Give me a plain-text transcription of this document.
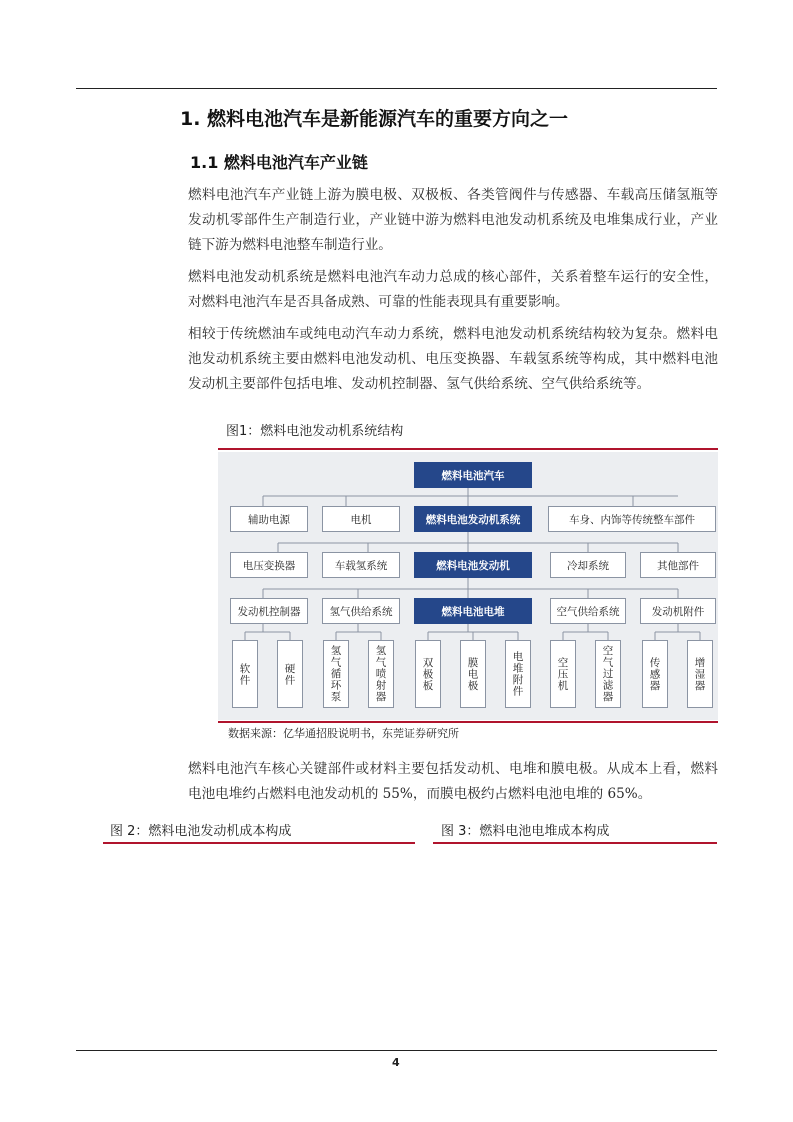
1. 燃料电池汽车是新能源汽车的重要方向之一
1.1 燃料电池汽车产业链

燃料电池汽车产业链上游为膜电极、双极板、各类管阀件与传感器、车载高压储氢瓶等发动机零部件生产制造行业，产业链中游为燃料电池发动机系统及电堆集成行业，产业链下游为燃料电池整车制造行业。

燃料电池发动机系统是燃料电池汽车动力总成的核心部件，关系着整车运行的安全性，对燃料电池汽车是否具备成熟、可靠的性能表现具有重要影响。

相较于传统燃油车或纯电动汽车动力系统，燃料电池发动机系统结构较为复杂。燃料电池发动机系统主要由燃料电池发动机、电压变换器、车载氢系统等构成，其中燃料电池发动机主要部件包括电堆、发动机控制器、氢气供给系统、空气供给系统等。

图1：燃料电池发动机系统结构
燃料电池汽车
辅助电源	电机	燃料电池发动机系统	车身、内饰等传统整车部件
电压变换器	车载氢系统	燃料电池发动机	冷却系统	其他部件
发动机控制器	氢气供给系统	燃料电池电堆	空气供给系统	发动机附件
软件	硬件	氢气循环泵	氢气喷射器	双极板	膜电极	电堆附件	空压机	空气过滤器	传感器	增湿器
数据来源：亿华通招股说明书，东莞证券研究所

燃料电池汽车核心关键部件或材料主要包括发动机、电堆和膜电极。从成本上看，燃料电池电堆约占燃料电池发动机的 55%，而膜电极约占燃料电池电堆的 65%。

图 2：燃料电池发动机成本构成	图 3：燃料电池电堆成本构成
4
